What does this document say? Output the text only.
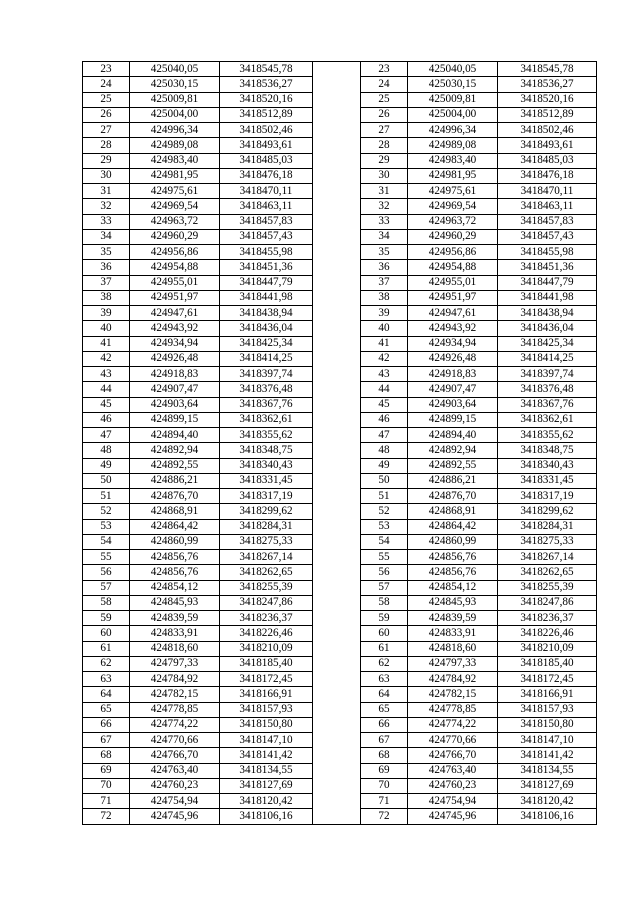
23	425040,05	3418545,78		23	425040,05	3418545,78
24	425030,15	3418536,27		24	425030,15	3418536,27
25	425009,81	3418520,16		25	425009,81	3418520,16
26	425004,00	3418512,89		26	425004,00	3418512,89
27	424996,34	3418502,46		27	424996,34	3418502,46
28	424989,08	3418493,61		28	424989,08	3418493,61
29	424983,40	3418485,03		29	424983,40	3418485,03
30	424981,95	3418476,18		30	424981,95	3418476,18
31	424975,61	3418470,11		31	424975,61	3418470,11
32	424969,54	3418463,11		32	424969,54	3418463,11
33	424963,72	3418457,83		33	424963,72	3418457,83
34	424960,29	3418457,43		34	424960,29	3418457,43
35	424956,86	3418455,98		35	424956,86	3418455,98
36	424954,88	3418451,36		36	424954,88	3418451,36
37	424955,01	3418447,79		37	424955,01	3418447,79
38	424951,97	3418441,98		38	424951,97	3418441,98
39	424947,61	3418438,94		39	424947,61	3418438,94
40	424943,92	3418436,04		40	424943,92	3418436,04
41	424934,94	3418425,34		41	424934,94	3418425,34
42	424926,48	3418414,25		42	424926,48	3418414,25
43	424918,83	3418397,74		43	424918,83	3418397,74
44	424907,47	3418376,48		44	424907,47	3418376,48
45	424903,64	3418367,76		45	424903,64	3418367,76
46	424899,15	3418362,61		46	424899,15	3418362,61
47	424894,40	3418355,62		47	424894,40	3418355,62
48	424892,94	3418348,75		48	424892,94	3418348,75
49	424892,55	3418340,43		49	424892,55	3418340,43
50	424886,21	3418331,45		50	424886,21	3418331,45
51	424876,70	3418317,19		51	424876,70	3418317,19
52	424868,91	3418299,62		52	424868,91	3418299,62
53	424864,42	3418284,31		53	424864,42	3418284,31
54	424860,99	3418275,33		54	424860,99	3418275,33
55	424856,76	3418267,14		55	424856,76	3418267,14
56	424856,76	3418262,65		56	424856,76	3418262,65
57	424854,12	3418255,39		57	424854,12	3418255,39
58	424845,93	3418247,86		58	424845,93	3418247,86
59	424839,59	3418236,37		59	424839,59	3418236,37
60	424833,91	3418226,46		60	424833,91	3418226,46
61	424818,60	3418210,09		61	424818,60	3418210,09
62	424797,33	3418185,40		62	424797,33	3418185,40
63	424784,92	3418172,45		63	424784,92	3418172,45
64	424782,15	3418166,91		64	424782,15	3418166,91
65	424778,85	3418157,93		65	424778,85	3418157,93
66	424774,22	3418150,80		66	424774,22	3418150,80
67	424770,66	3418147,10		67	424770,66	3418147,10
68	424766,70	3418141,42		68	424766,70	3418141,42
69	424763,40	3418134,55		69	424763,40	3418134,55
70	424760,23	3418127,69		70	424760,23	3418127,69
71	424754,94	3418120,42		71	424754,94	3418120,42
72	424745,96	3418106,16		72	424745,96	3418106,16
